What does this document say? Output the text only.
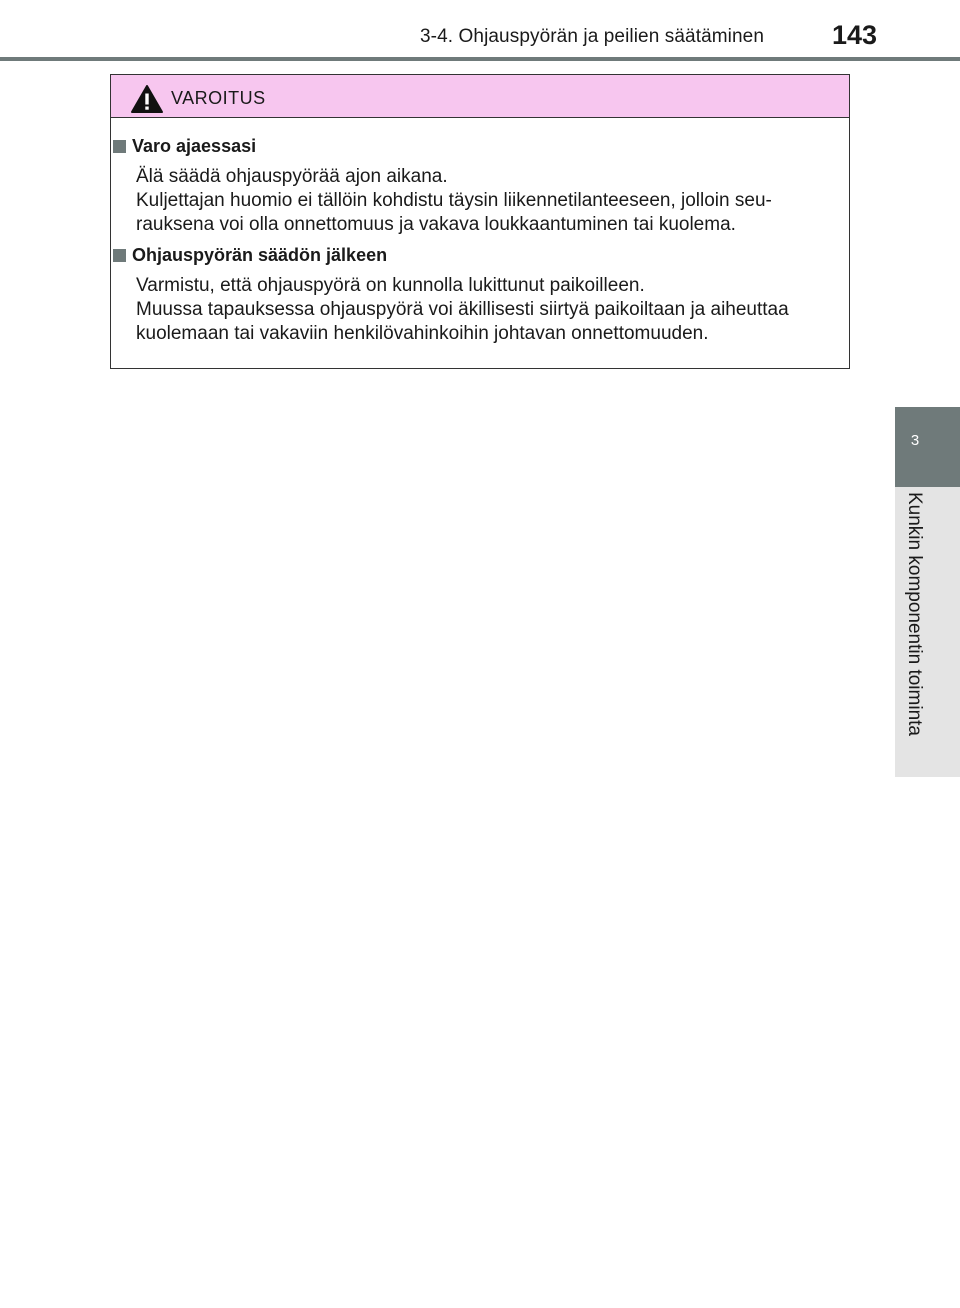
3-4. Ohjauspyörän ja peilien säätäminen	143
3
Kunkin komponentin toiminta
VAROITUS
Varo ajaessasi
Älä säädä ohjauspyörää ajon aikana.
Kuljettajan huomio ei tällöin kohdistu täysin liikennetilanteeseen, jolloin seu-
rauksena voi olla onnettomuus ja vakava loukkaantuminen tai kuolema.
Ohjauspyörän säädön jälkeen
Varmistu, että ohjauspyörä on kunnolla lukittunut paikoilleen.
Muussa tapauksessa ohjauspyörä voi äkillisesti siirtyä paikoiltaan ja aiheuttaa
kuolemaan tai vakaviin henkilövahinkoihin johtavan onnettomuuden.
